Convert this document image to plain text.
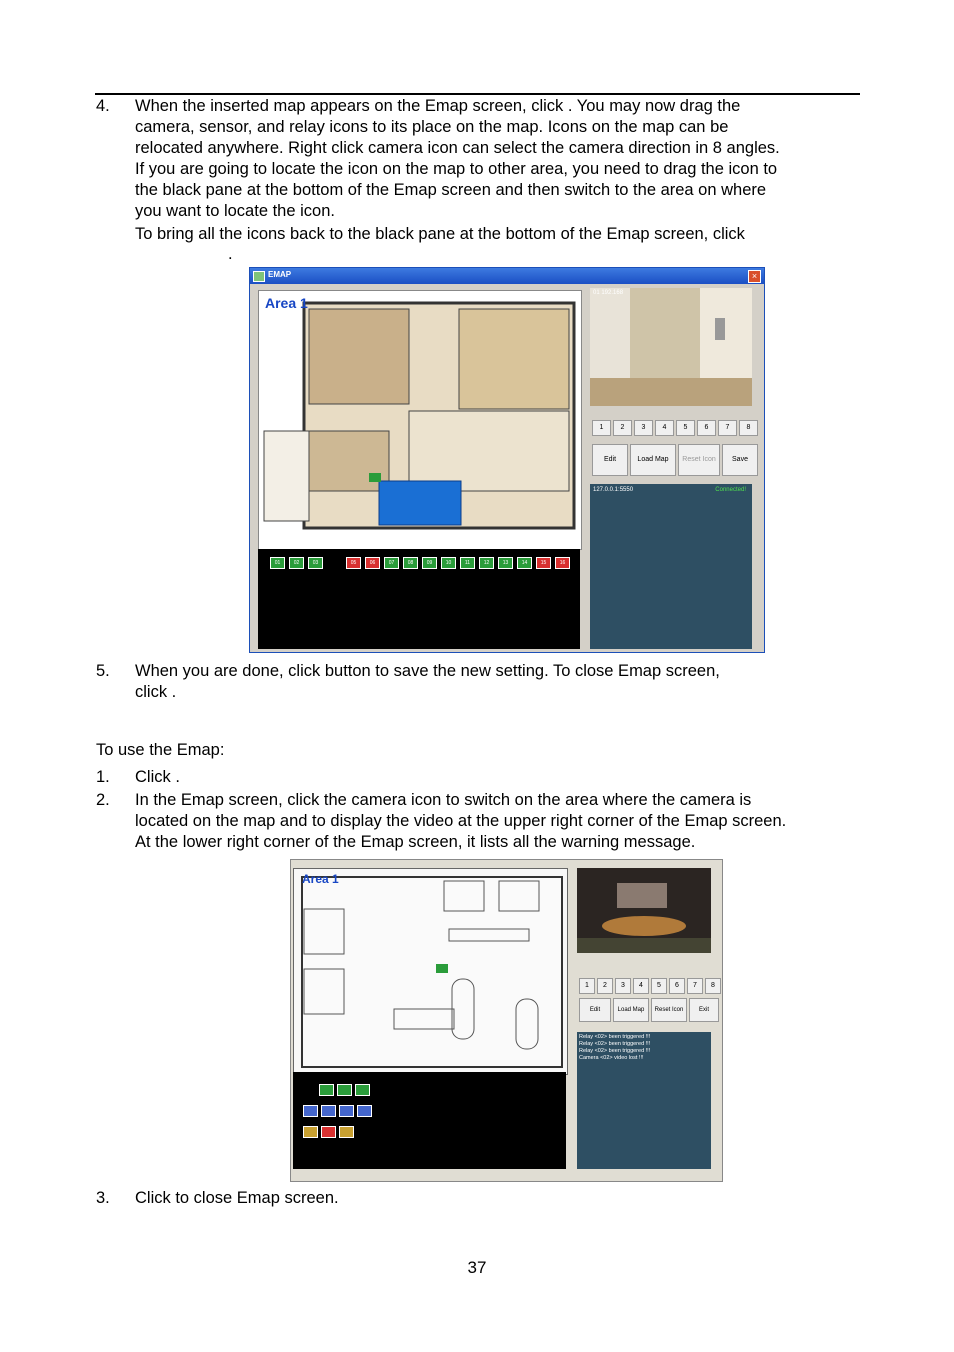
4. When the inserted map appears on the Emap screen, click . You may now drag the
camera, sensor, and relay icons to its place on the map. Icons on the map can be
relocated anywhere. Right click camera icon can select the camera direction in 8 angles.
If you are going to locate the icon on the map to other area, you need to drag the icon to
the black pane at the bottom of the Emap screen and then switch to the area on where
you want to locate the icon.
To bring all the icons back to the black pane at the bottom of the Emap screen, click
.
EMAP	×
Area 1
01	02	03	05	06	07	08	09	10	11	12	13	14	15	16
01 192.168
1	2	3	4	5	6	7	8
Edit	Load Map	Reset Icon	Save
127.0.0.1:5550	Connected!
5. When you are done, click button to save the new setting. To close Emap screen,
click .
To use the Emap:
1. Click .
2. In the Emap screen, click the camera icon to switch on the area where the camera is
located on the map and to display the video at the upper right corner of the Emap screen.
At the lower right corner of the Emap screen, it lists all the warning message.
Area 1
1	2	3	4	5	6	7	8
Edit	Load Map	Reset Icon	Exit
Relay <02> been triggered !!!
Relay <02> been triggered !!!
Relay <02> been triggered !!!
Camera <02> video lost !!!
3. Click to close Emap screen.
37
